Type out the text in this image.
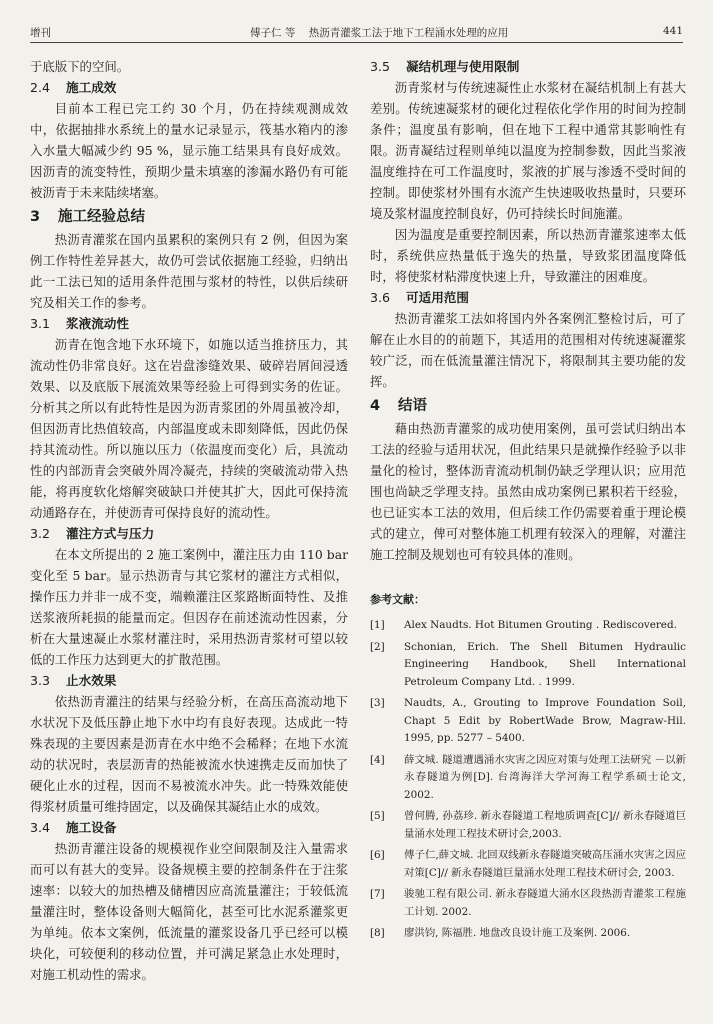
增刊	傅子仁 等 热沥青灌浆工法于地下工程涌水处理的应用	441

于底版下的空间。

2.4 施工成效

目前本工程已完工约 30 个月，仍在持续观测成效中，依据抽排水系统上的量水记录显示，筏基水箱内的渗入水量大幅减少约 95 %，显示施工结果具有良好成效。因沥青的流变特性，预期少量未填塞的渗漏水路仍有可能被沥青于未来陆续堵塞。

3 施工经验总结

热沥青灌浆在国内虽累积的案例只有 2 例，但因为案例工作特性差异甚大，故仍可尝试依据施工经验，归纳出此一工法已知的适用条件范围与浆材的特性，以供后续研究及相关工作的参考。

3.1 浆液流动性

沥青在饱含地下水环境下，如施以适当推挤压力，其流动性仍非常良好。这在岩盘渗缝效果、破碎岩屑间浸透效果、以及底版下展流效果等经验上可得到实务的佐证。分析其之所以有此特性是因为沥青浆团的外周虽被冷却，但因沥青比热值较高，内部温度或未即刻降低，因此仍保持其流动性。所以施以压力（依温度而变化）后，具流动性的内部沥青会突破外周冷凝壳，持续的突破流动带入热能，将再度软化熔解突破缺口并使其扩大，因此可保持流动通路存在，并使沥青可保持良好的流动性。

3.2 灌注方式与压力

在本文所提出的 2 施工案例中，灌注压力由 110 bar 变化至 5 bar。显示热沥青与其它浆材的灌注方式相似，操作压力并非一成不变，端赖灌注区浆路断面特性、及推送浆液所耗损的能量而定。但因存在前述流动性因素，分析在大量速凝止水浆材灌注时，采用热沥青浆材可望以较低的工作压力达到更大的扩散范围。

3.3 止水效果

依热沥青灌注的结果与经验分析，在高压高流动地下水状况下及低压静止地下水中均有良好表现。达成此一特殊表现的主要因素是沥青在水中绝不会稀释；在地下水流动的状况时，表层沥青的热能被流水快速携走反而加快了硬化止水的过程，因而不易被流水冲失。此一特殊效能使得浆材质量可维持固定，以及确保其凝结止水的成效。

3.4 施工设备

热沥青灌注设备的规模视作业空间限制及注入量需求而可以有甚大的变异。设备规模主要的控制条件在于注浆速率：以较大的加热槽及储槽因应高流量灌注；于较低流量灌注时，整体设备则大幅简化，甚至可比水泥系灌浆更为单纯。依本文案例，低流量的灌浆设备几乎已经可以模块化，可较便利的移动位置，并可满足紧急止水处理时，对施工机动性的需求。

3.5 凝结机理与使用限制

沥青浆材与传统速凝性止水浆材在凝结机制上有甚大差别。传统速凝浆材的硬化过程依化学作用的时间为控制条件；温度虽有影响，但在地下工程中通常其影响性有限。沥青凝结过程则单纯以温度为控制参数，因此当浆液温度维持在可工作温度时，浆液的扩展与渗透不受时间的控制。即使浆材外围有水流产生快速吸收热量时，只要环境及浆材温度控制良好，仍可持续长时间施灌。

因为温度是重要控制因素，所以热沥青灌浆速率太低时，系统供应热量低于逸失的热量，导致浆团温度降低时，将使浆材粘滞度快速上升，导致灌注的困难度。

3.6 可适用范围

热沥青灌浆工法如将国内外各案例汇整检讨后，可了解在止水目的的前题下，其适用的范围相对传统速凝灌浆较广泛，而在低流量灌注情况下，将限制其主要功能的发挥。

4 结语

藉由热沥青灌浆的成功使用案例，虽可尝试归纳出本工法的经验与适用状况，但此结果只是就操作经验予以非量化的检讨，整体沥青流动机制仍缺乏学理认识；应用范围也尚缺乏学理支持。虽然由成功案例已累积若干经验，也已证实本工法的效用，但后续工作仍需要着重于理论模式的建立，俾可对整体施工机理有较深入的理解，对灌注施工控制及规划也可有较具体的准则。

参考文献：
[1]	Alex Naudts. Hot Bitumen Grouting . Rediscovered.
[2]	Schonian, Erich. The Shell Bitumen Hydraulic Engineering Handbook, Shell International Petroleum Company Ltd. . 1999.
[3]	Naudts, A., Grouting to Improve Foundation Soil, Chapt 5 Edit by RobertWade Brow, Magraw-Hil. 1995, pp. 5277 – 5400.
[4]	薛文城. 隧道遭遇涌水灾害之因应对策与处理工法研究 －以新永春隧道为例[D]. 台湾海洋大学河海工程学系硕士论文, 2002.
[5]	曾何腾, 孙荔珍. 新永春隧道工程地质调查[C]// 新永春隧道巨量涌水处理工程技术研讨会,2003.
[6]	傅子仁,薛文城. 北回双线新永春隧道突破高压涌水灾害之因应对策[C]// 新永春隧道巨量涌水处理工程技术研讨会, 2003.
[7]	骏驰工程有限公司. 新永春隧道大涌水区段热沥青灌浆工程施工计划. 2002.
[8]	廖洪钧, 陈福胜. 地盘改良设计施工及案例. 2006.
